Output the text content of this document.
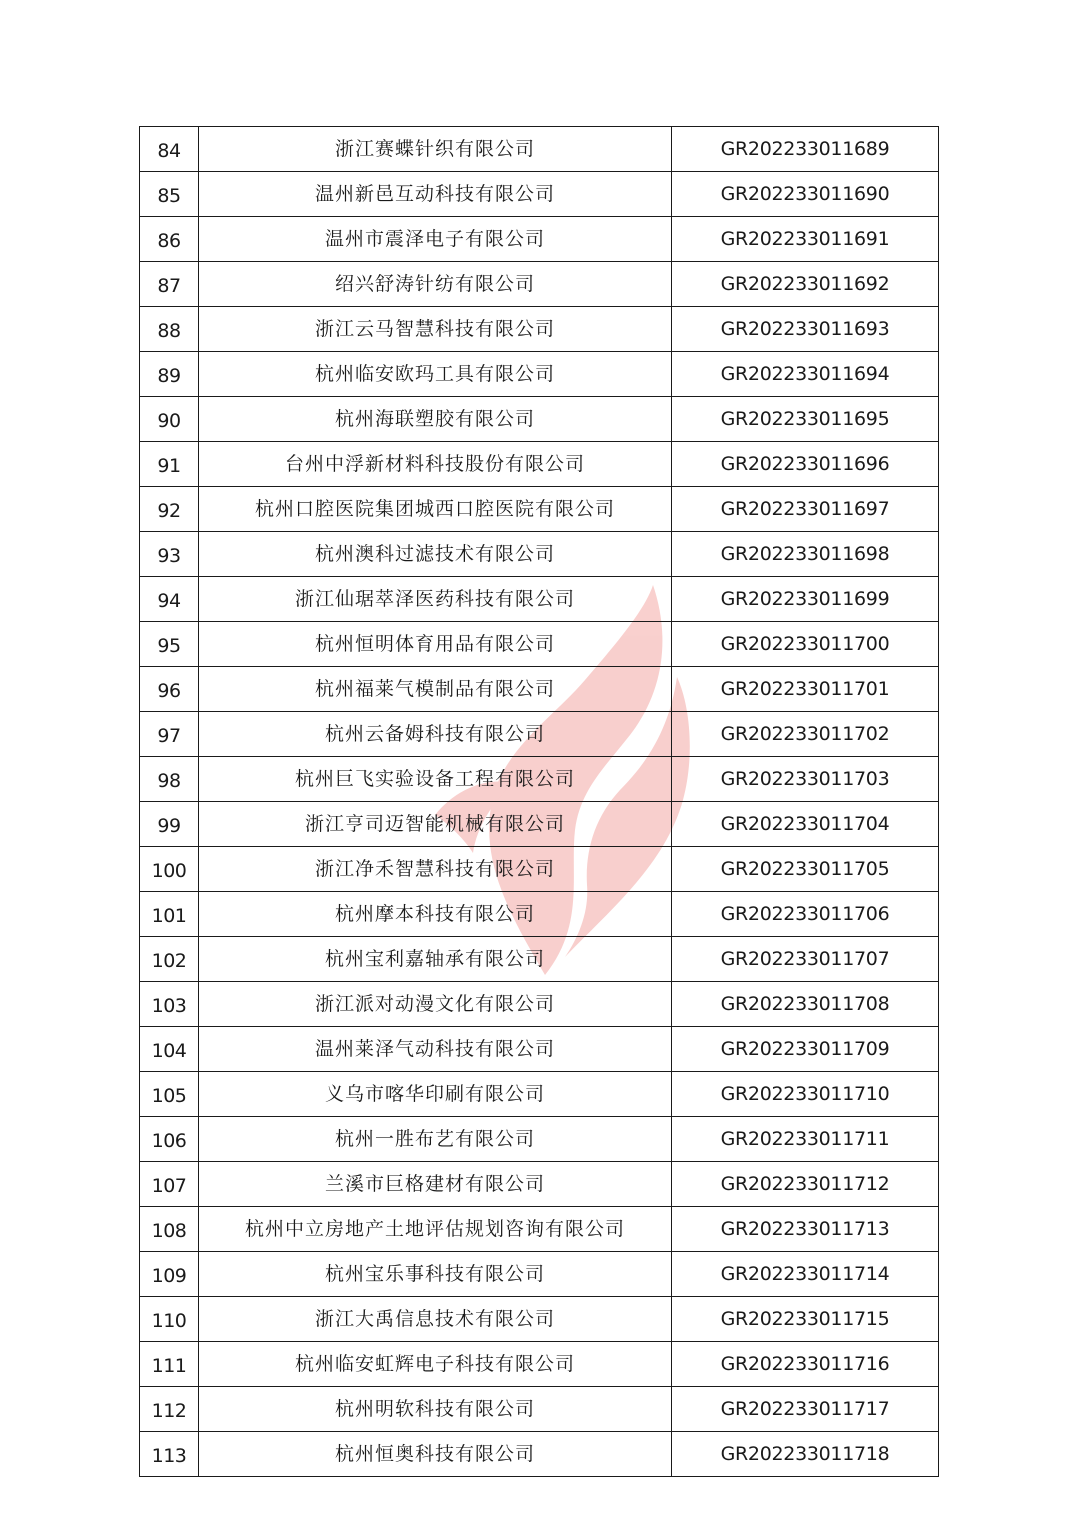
84	浙江赛蝶针织有限公司	GR202233011689
85	温州新邑互动科技有限公司	GR202233011690
86	温州市震泽电子有限公司	GR202233011691
87	绍兴舒涛针纺有限公司	GR202233011692
88	浙江云马智慧科技有限公司	GR202233011693
89	杭州临安欧玛工具有限公司	GR202233011694
90	杭州海联塑胶有限公司	GR202233011695
91	台州中浮新材料科技股份有限公司	GR202233011696
92	杭州口腔医院集团城西口腔医院有限公司	GR202233011697
93	杭州澳科过滤技术有限公司	GR202233011698
94	浙江仙琚萃泽医药科技有限公司	GR202233011699
95	杭州恒明体育用品有限公司	GR202233011700
96	杭州福莱气模制品有限公司	GR202233011701
97	杭州云备姆科技有限公司	GR202233011702
98	杭州巨飞实验设备工程有限公司	GR202233011703
99	浙江亨司迈智能机械有限公司	GR202233011704
100	浙江净禾智慧科技有限公司	GR202233011705
101	杭州摩本科技有限公司	GR202233011706
102	杭州宝利嘉轴承有限公司	GR202233011707
103	浙江派对动漫文化有限公司	GR202233011708
104	温州莱泽气动科技有限公司	GR202233011709
105	义乌市喀华印刷有限公司	GR202233011710
106	杭州一胜布艺有限公司	GR202233011711
107	兰溪市巨格建材有限公司	GR202233011712
108	杭州中立房地产土地评估规划咨询有限公司	GR202233011713
109	杭州宝乐事科技有限公司	GR202233011714
110	浙江大禹信息技术有限公司	GR202233011715
111	杭州临安虹辉电子科技有限公司	GR202233011716
112	杭州明软科技有限公司	GR202233011717
113	杭州恒奥科技有限公司	GR202233011718
